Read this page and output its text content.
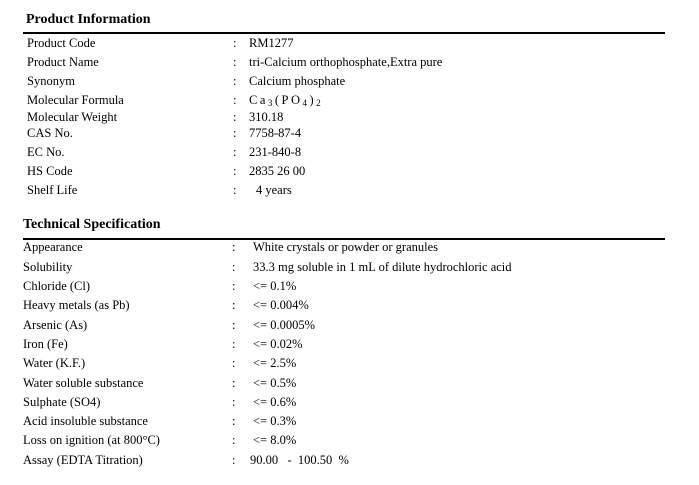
Product Information
Product Code	: RM1277
Product Name	: tri-Calcium orthophosphate,Extra pure
Synonym	: Calcium phosphate
Molecular Formula	: $Ca_3(PO_4)_2$
Molecular Weight	: 310.18
CAS No.	: 7758-87-4
EC No.	: 231-840-8
HS Code	: 2835 26 00
Shelf Life	: 4 years
Technical Specification
Appearance	: White crystals or powder or granules
Solubility	: 33.3 mg soluble in 1 mL of dilute hydrochloric acid
Chloride (Cl)	: <= 0.1%
Heavy metals (as Pb)	: <= 0.004%
Arsenic (As)	: <= 0.0005%
Iron (Fe)	: <= 0.02%
Water (K.F.)	: <= 2.5%
Water soluble substance	: <= 0.5%
Sulphate (SO4)	: <= 0.6%
Acid insoluble substance	: <= 0.3%
Loss on ignition (at 800°C)	: <= 8.0%
Assay (EDTA Titration)	: 90.00   -  100.50  %
